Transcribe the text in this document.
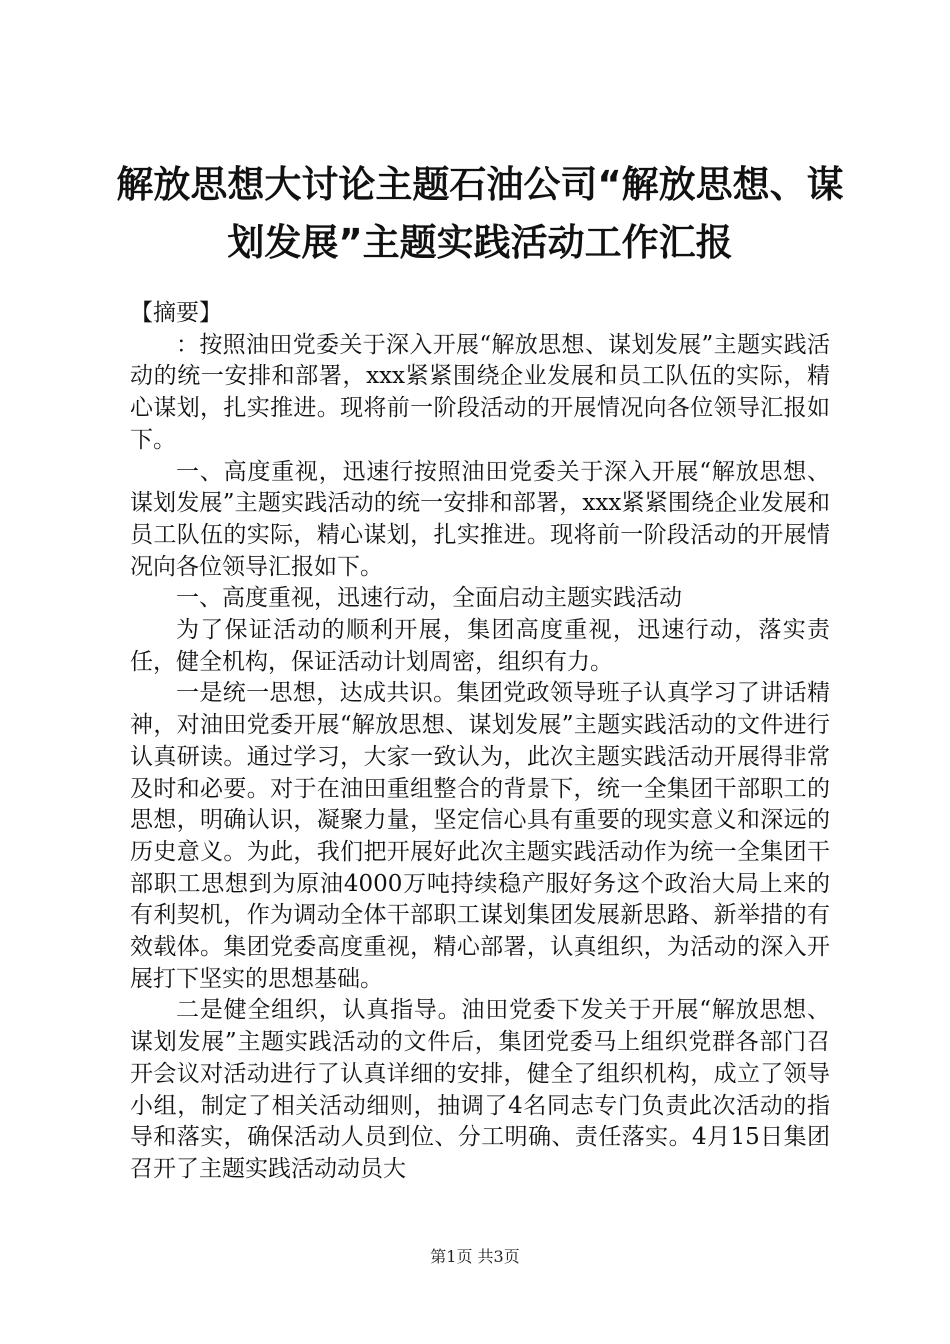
解放思想大讨论主题石油公司“解放思想、谋
划发展”主题实践活动工作汇报

【摘要】

：按照油田党委关于深入开展“解放思想、谋划发展”主题实践活动的统一安排和部署，xxx紧紧围绕企业发展和员工队伍的实际，精心谋划，扎实推进。现将前一阶段活动的开展情况向各位领导汇报如下。

一、高度重视，迅速行按照油田党委关于深入开展“解放思想、谋划发展”主题实践活动的统一安排和部署，xxx紧紧围绕企业发展和员工队伍的实际，精心谋划，扎实推进。现将前一阶段活动的开展情况向各位领导汇报如下。

一、高度重视，迅速行动，全面启动主题实践活动

为了保证活动的顺利开展，集团高度重视，迅速行动，落实责任，健全机构，保证活动计划周密，组织有力。

一是统一思想，达成共识。集团党政领导班子认真学习了讲话精神，对油田党委开展“解放思想、谋划发展”主题实践活动的文件进行认真研读。通过学习，大家一致认为，此次主题实践活动开展得非常及时和必要。对于在油田重组整合的背景下，统一全集团干部职工的思想，明确认识，凝聚力量，坚定信心具有重要的现实意义和深远的历史意义。为此，我们把开展好此次主题实践活动作为统一全集团干部职工思想到为原油4000万吨持续稳产服好务这个政治大局上来的有利契机，作为调动全体干部职工谋划集团发展新思路、新举措的有效载体。集团党委高度重视，精心部署，认真组织，为活动的深入开展打下坚实的思想基础。

二是健全组织，认真指导。油田党委下发关于开展“解放思想、谋划发展”主题实践活动的文件后，集团党委马上组织党群各部门召开会议对活动进行了认真详细的安排，健全了组织机构，成立了领导小组，制定了相关活动细则，抽调了4名同志专门负责此次活动的指导和落实，确保活动人员到位、分工明确、责任落实。4月15日集团召开了主题实践活动动员大

第1页 共3页
